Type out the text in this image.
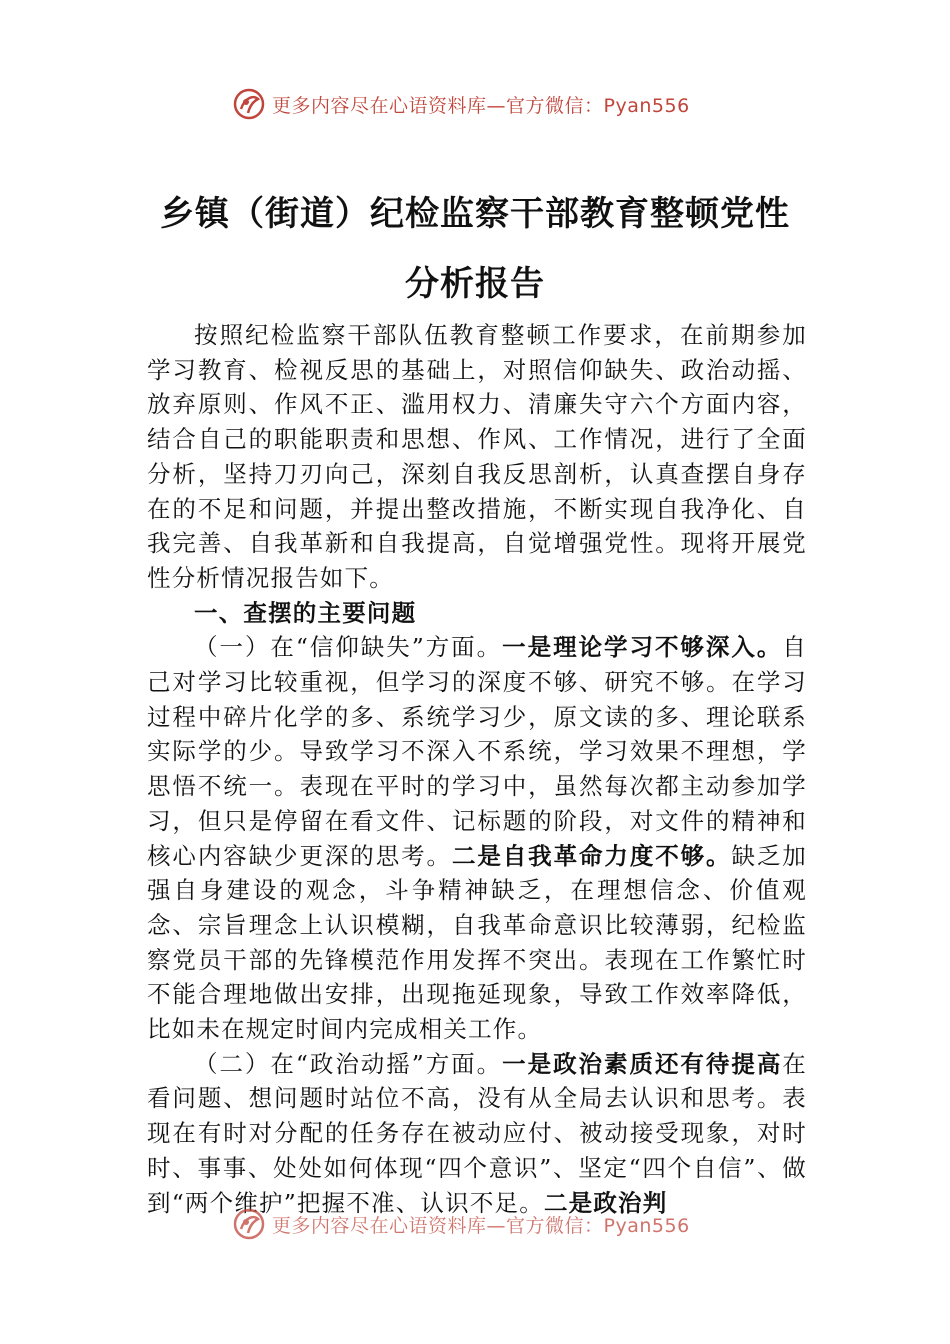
更多内容尽在心语资料库—官方微信：Pyan556
乡镇（街道）纪检监察干部教育整顿党性
分析报告

按照纪检监察干部队伍教育整顿工作要求，在前期参加学习教育、检视反思的基础上，对照信仰缺失、政治动摇、放弃原则、作风不正、滥用权力、清廉失守六个方面内容，结合自己的职能职责和思想、作风、工作情况，进行了全面分析，坚持刀刃向己，深刻自我反思剖析，认真查摆自身存在的不足和问题，并提出整改措施，不断实现自我净化、自我完善、自我革新和自我提高，自觉增强党性。现将开展党性分析情况报告如下。

一、查摆的主要问题

（一）在“信仰缺失”方面。一是理论学习不够深入。自己对学习比较重视，但学习的深度不够、研究不够。在学习过程中碎片化学的多、系统学习少，原文读的多、理论联系实际学的少。导致学习不深入不系统，学习效果不理想，学思悟不统一。表现在平时的学习中，虽然每次都主动参加学习，但只是停留在看文件、记标题的阶段，对文件的精神和核心内容缺少更深的思考。二是自我革命力度不够。缺乏加强自身建设的观念，斗争精神缺乏，在理想信念、价值观念、宗旨理念上认识模糊，自我革命意识比较薄弱，纪检监察党员干部的先锋模范作用发挥不突出。表现在工作繁忙时不能合理地做出安排，出现拖延现象，导致工作效率降低，比如未在规定时间内完成相关工作。

（二）在“政治动摇”方面。一是政治素质还有待提高在看问题、想问题时站位不高，没有从全局去认识和思考。表现在有时对分配的任务存在被动应付、被动接受现象，对时时、事事、处处如何体现“四个意识”、坚定“四个自信”、做到“两个维护”把握不准、认识不足。二是政治判

更多内容尽在心语资料库—官方微信：Pyan556
